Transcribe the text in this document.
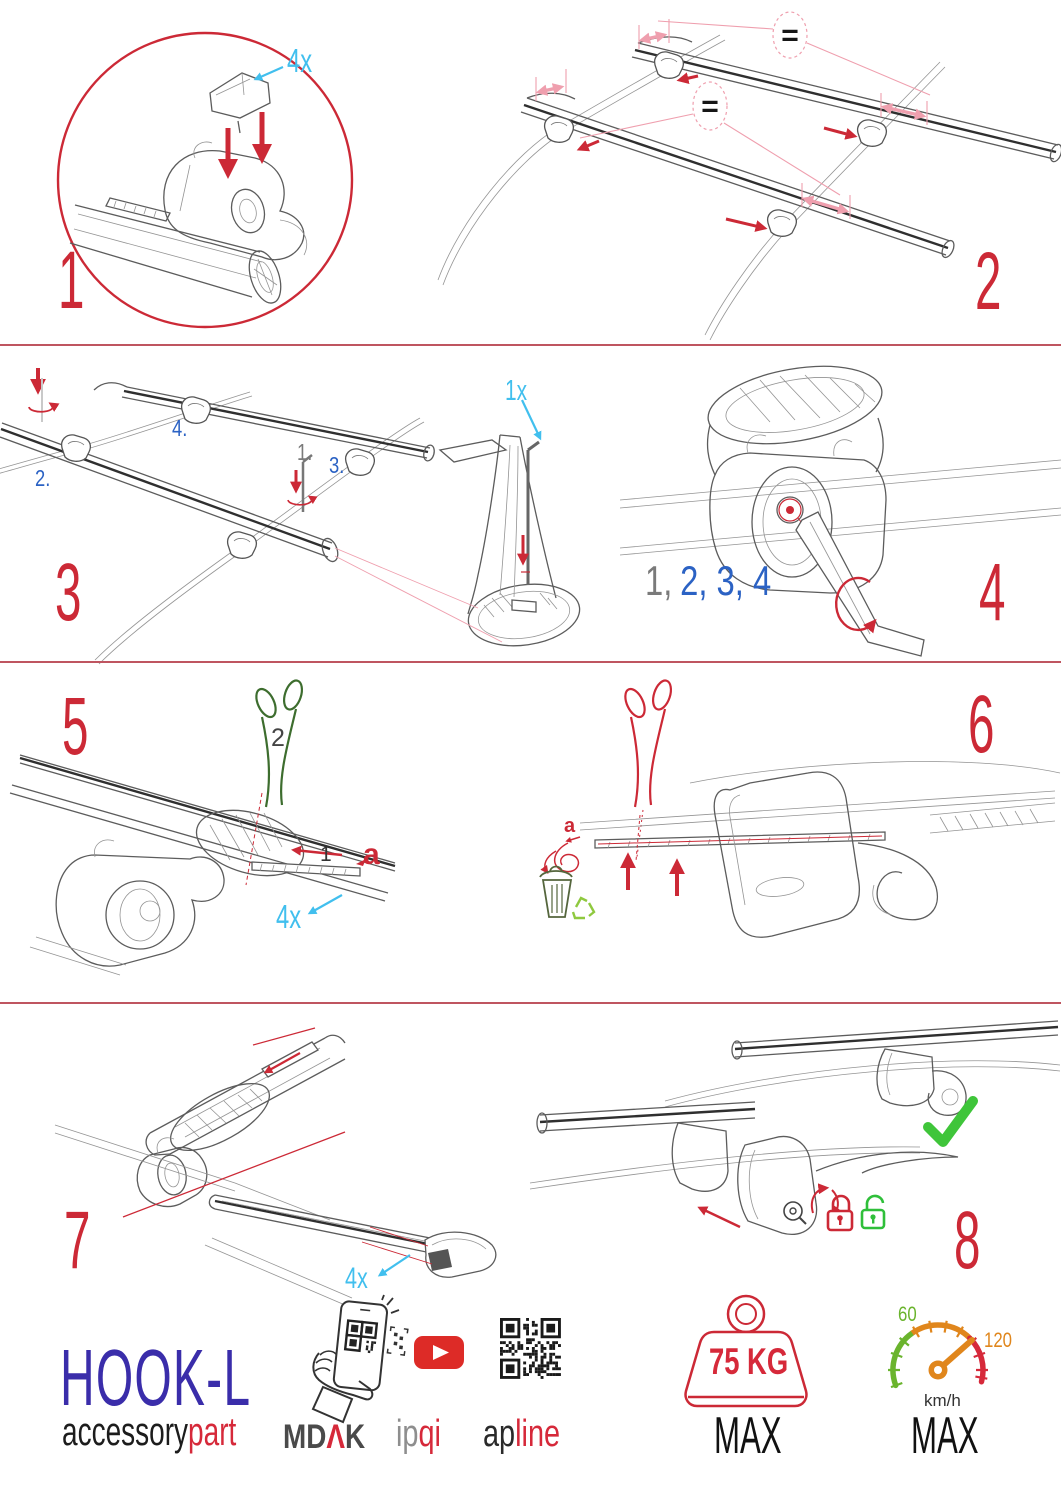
4x
1
=
=
2
4.
1.
2.	3.
1x
3	1, 2, 3, 4	4
2
1 a
4x
5
a
6
4x
7	8
HOOK-L
accessorypart MDΛK ipqi apline
75 KG
MAX
60
120
km/h
MAX
